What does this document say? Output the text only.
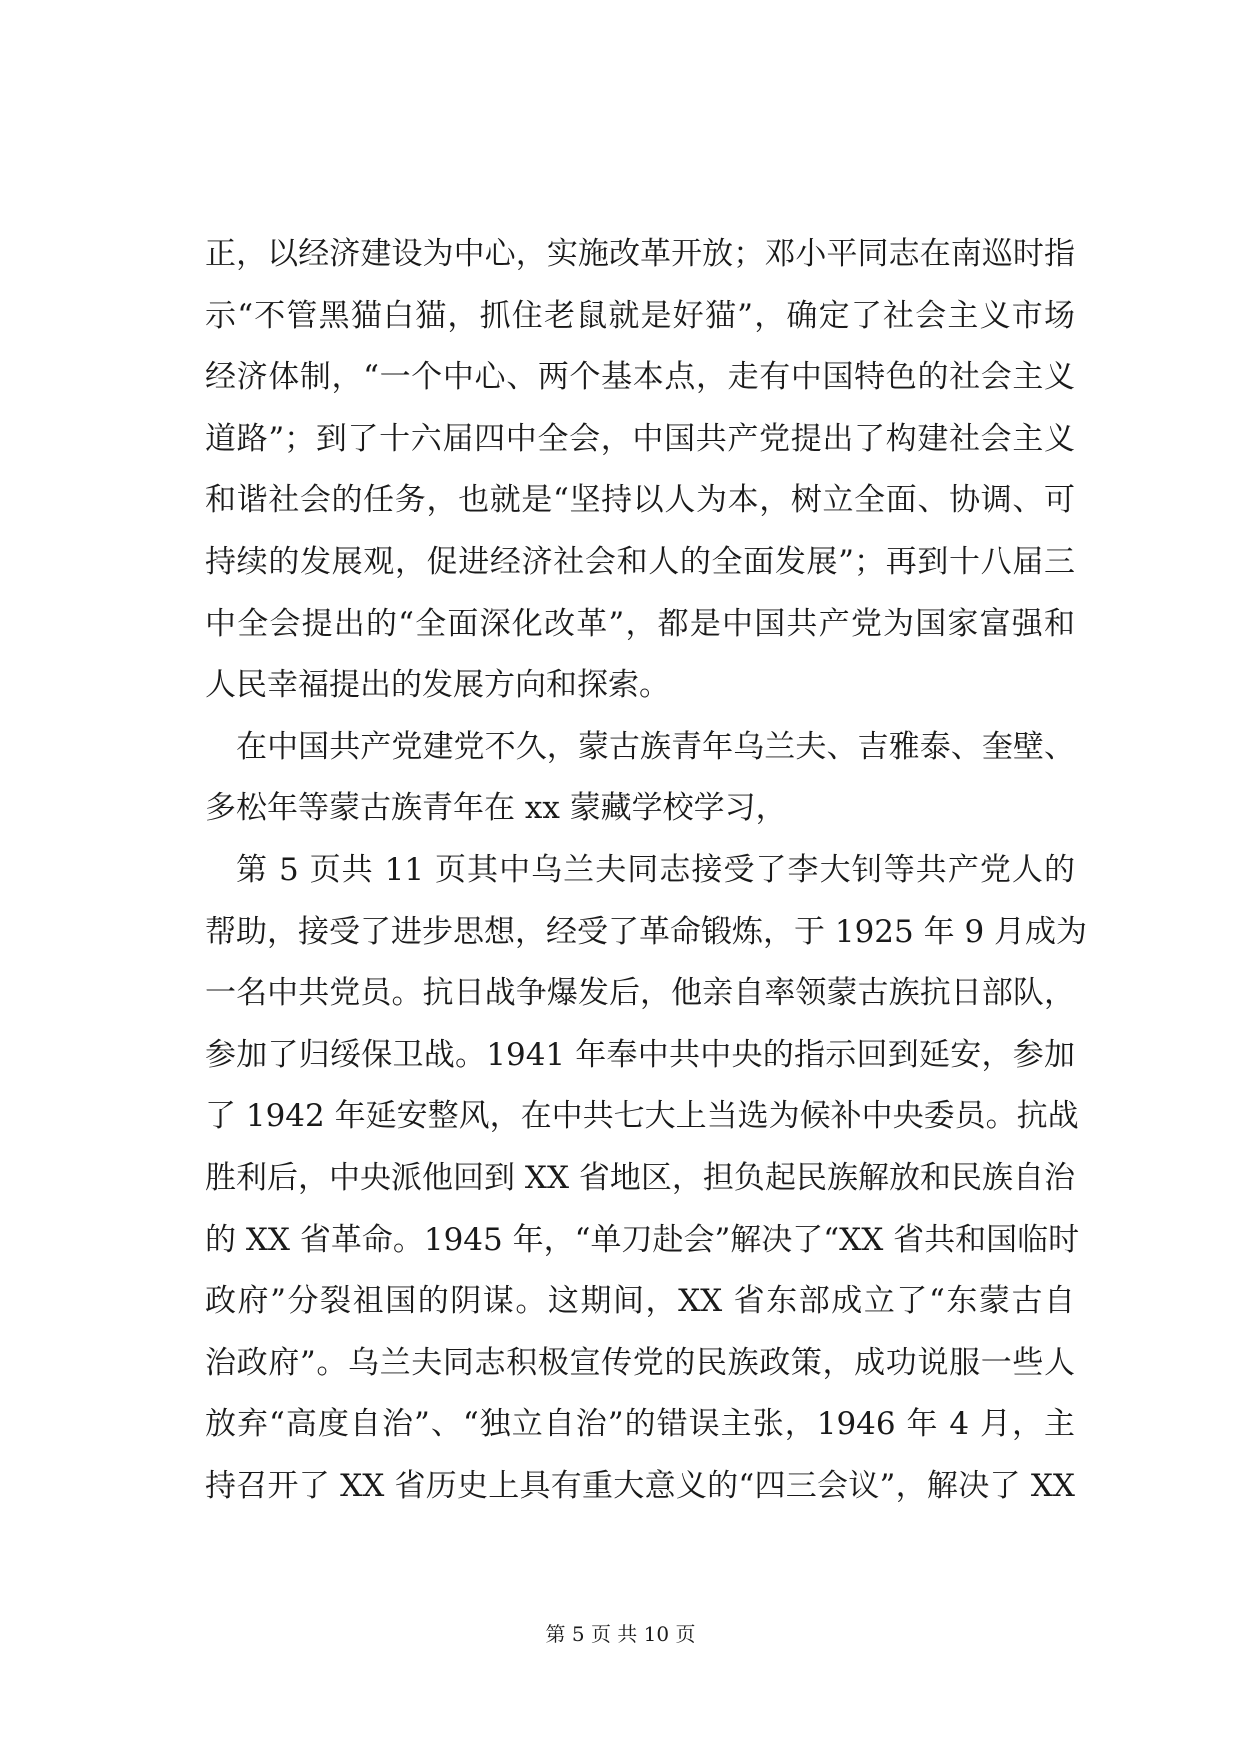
正，以经济建设为中心，实施改革开放；邓小平同志在南巡时指
示“不管黑猫白猫，抓住老鼠就是好猫”，确定了社会主义市场
经济体制，“一个中心、两个基本点，走有中国特色的社会主义
道路”；到了十六届四中全会，中国共产党提出了构建社会主义
和谐社会的任务，也就是“坚持以人为本，树立全面、协调、可
持续的发展观，促进经济社会和人的全面发展”；再到十八届三
中全会提出的“全面深化改革”，都是中国共产党为国家富强和
人民幸福提出的发展方向和探索。
在中国共产党建党不久，蒙古族青年乌兰夫、吉雅泰、奎壁、
多松年等蒙古族青年在 xx 蒙藏学校学习，
第 5 页共 11 页其中乌兰夫同志接受了李大钊等共产党人的
帮助，接受了进步思想，经受了革命锻炼，于 1925 年 9 月成为
一名中共党员。抗日战争爆发后，他亲自率领蒙古族抗日部队，
参加了归绥保卫战。1941 年奉中共中央的指示回到延安，参加
了 1942 年延安整风，在中共七大上当选为候补中央委员。抗战
胜利后，中央派他回到 XX 省地区，担负起民族解放和民族自治
的 XX 省革命。1945 年，“单刀赴会”解决了“XX 省共和国临时
政府”分裂祖国的阴谋。这期间，XX 省东部成立了“东蒙古自
治政府”。乌兰夫同志积极宣传党的民族政策，成功说服一些人
放弃“高度自治”、“独立自治”的错误主张，1946 年 4 月，主
持召开了 XX 省历史上具有重大意义的“四三会议”，解决了 XX
第 5 页 共 10 页
